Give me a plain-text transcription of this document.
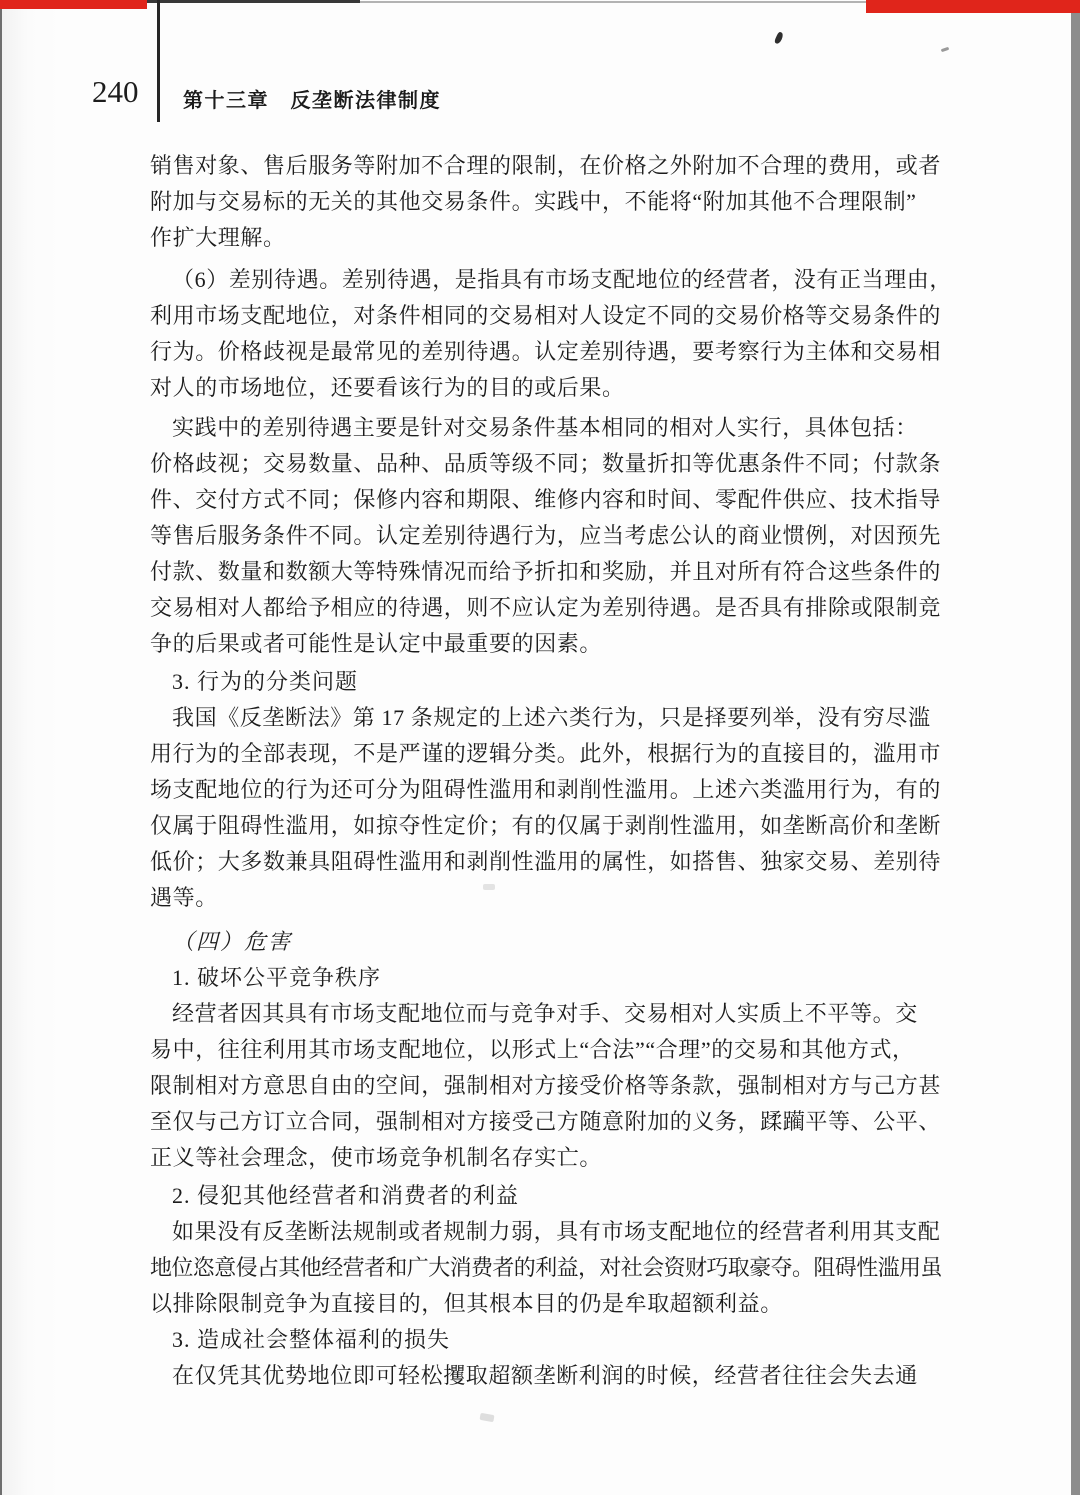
240 第十三章　反垄断法律制度
销售对象、售后服务等附加不合理的限制，在价格之外附加不合理的费用，或者
附加与交易标的无关的其他交易条件。实践中，不能将“附加其他不合理限制”
作扩大理解。
（6）差别待遇。差别待遇，是指具有市场支配地位的经营者，没有正当理由，
利用市场支配地位，对条件相同的交易相对人设定不同的交易价格等交易条件的
行为。价格歧视是最常见的差别待遇。认定差别待遇，要考察行为主体和交易相
对人的市场地位，还要看该行为的目的或后果。
实践中的差别待遇主要是针对交易条件基本相同的相对人实行，具体包括：
价格歧视；交易数量、品种、品质等级不同；数量折扣等优惠条件不同；付款条
件、交付方式不同；保修内容和期限、维修内容和时间、零配件供应、技术指导
等售后服务条件不同。认定差别待遇行为，应当考虑公认的商业惯例，对因预先
付款、数量和数额大等特殊情况而给予折扣和奖励，并且对所有符合这些条件的
交易相对人都给予相应的待遇，则不应认定为差别待遇。是否具有排除或限制竞
争的后果或者可能性是认定中最重要的因素。
3. 行为的分类问题
我国《反垄断法》第 17 条规定的上述六类行为，只是择要列举，没有穷尽滥
用行为的全部表现，不是严谨的逻辑分类。此外，根据行为的直接目的，滥用市
场支配地位的行为还可分为阻碍性滥用和剥削性滥用。上述六类滥用行为，有的
仅属于阻碍性滥用，如掠夺性定价；有的仅属于剥削性滥用，如垄断高价和垄断
低价；大多数兼具阻碍性滥用和剥削性滥用的属性，如搭售、独家交易、差别待
遇等。
（四）危害
1. 破坏公平竞争秩序
经营者因其具有市场支配地位而与竞争对手、交易相对人实质上不平等。交
易中，往往利用其市场支配地位，以形式上“合法”“合理”的交易和其他方式，
限制相对方意思自由的空间，强制相对方接受价格等条款，强制相对方与己方甚
至仅与己方订立合同，强制相对方接受己方随意附加的义务，蹂躏平等、公平、
正义等社会理念，使市场竞争机制名存实亡。
2. 侵犯其他经营者和消费者的利益
如果没有反垄断法规制或者规制力弱，具有市场支配地位的经营者利用其支配
地位恣意侵占其他经营者和广大消费者的利益，对社会资财巧取豪夺。阻碍性滥用虽
以排除限制竞争为直接目的，但其根本目的仍是牟取超额利益。
3. 造成社会整体福利的损失
在仅凭其优势地位即可轻松攫取超额垄断利润的时候，经营者往往会失去通
